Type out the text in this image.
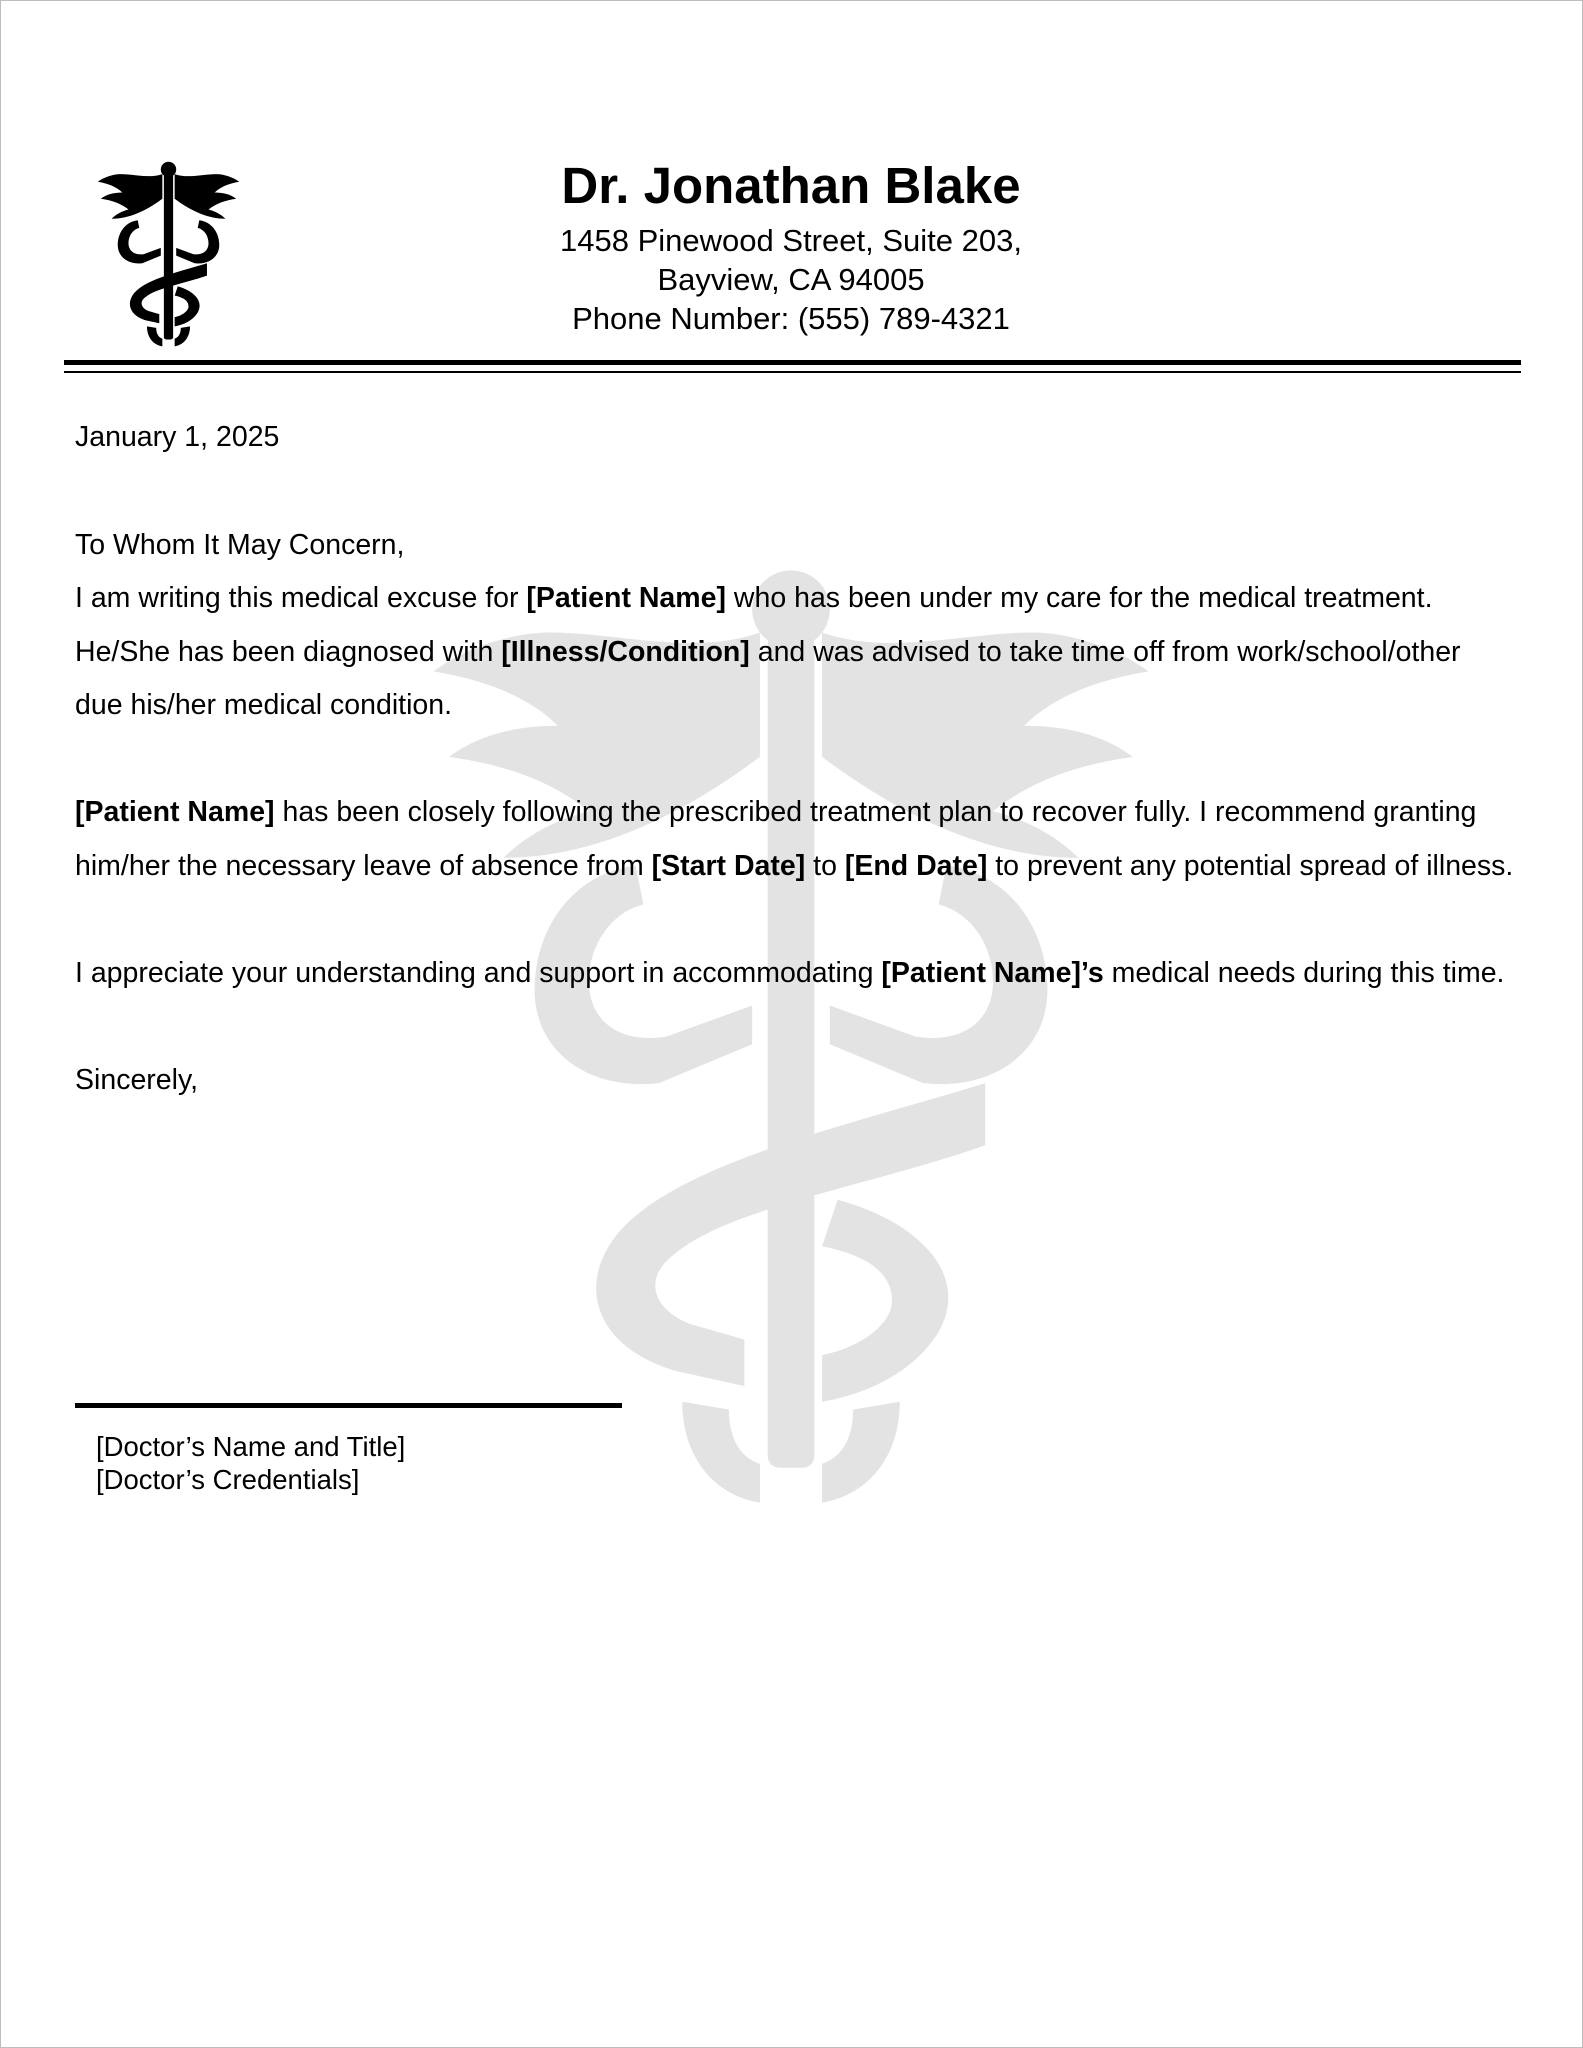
Dr. Jonathan Blake

1458 Pinewood Street, Suite 203,

Bayview, CA 94005

Phone Number: (555) 789-4321

January 1, 2025

To Whom It May Concern,

I am writing this medical excuse for [Patient Name] who has been under my care for the medical treatment. He/She has been diagnosed with [Illness/Condition] and was advised to take time off from work/school/other due his/her medical condition.

[Patient Name] has been closely following the prescribed treatment plan to recover fully. I recommend granting him/her the necessary leave of absence from [Start Date] to [End Date] to prevent any potential spread of illness.

I appreciate your understanding and support in accommodating [Patient Name]’s medical needs during this time.

Sincerely,

[Doctor’s Name and Title]
[Doctor’s Credentials]
